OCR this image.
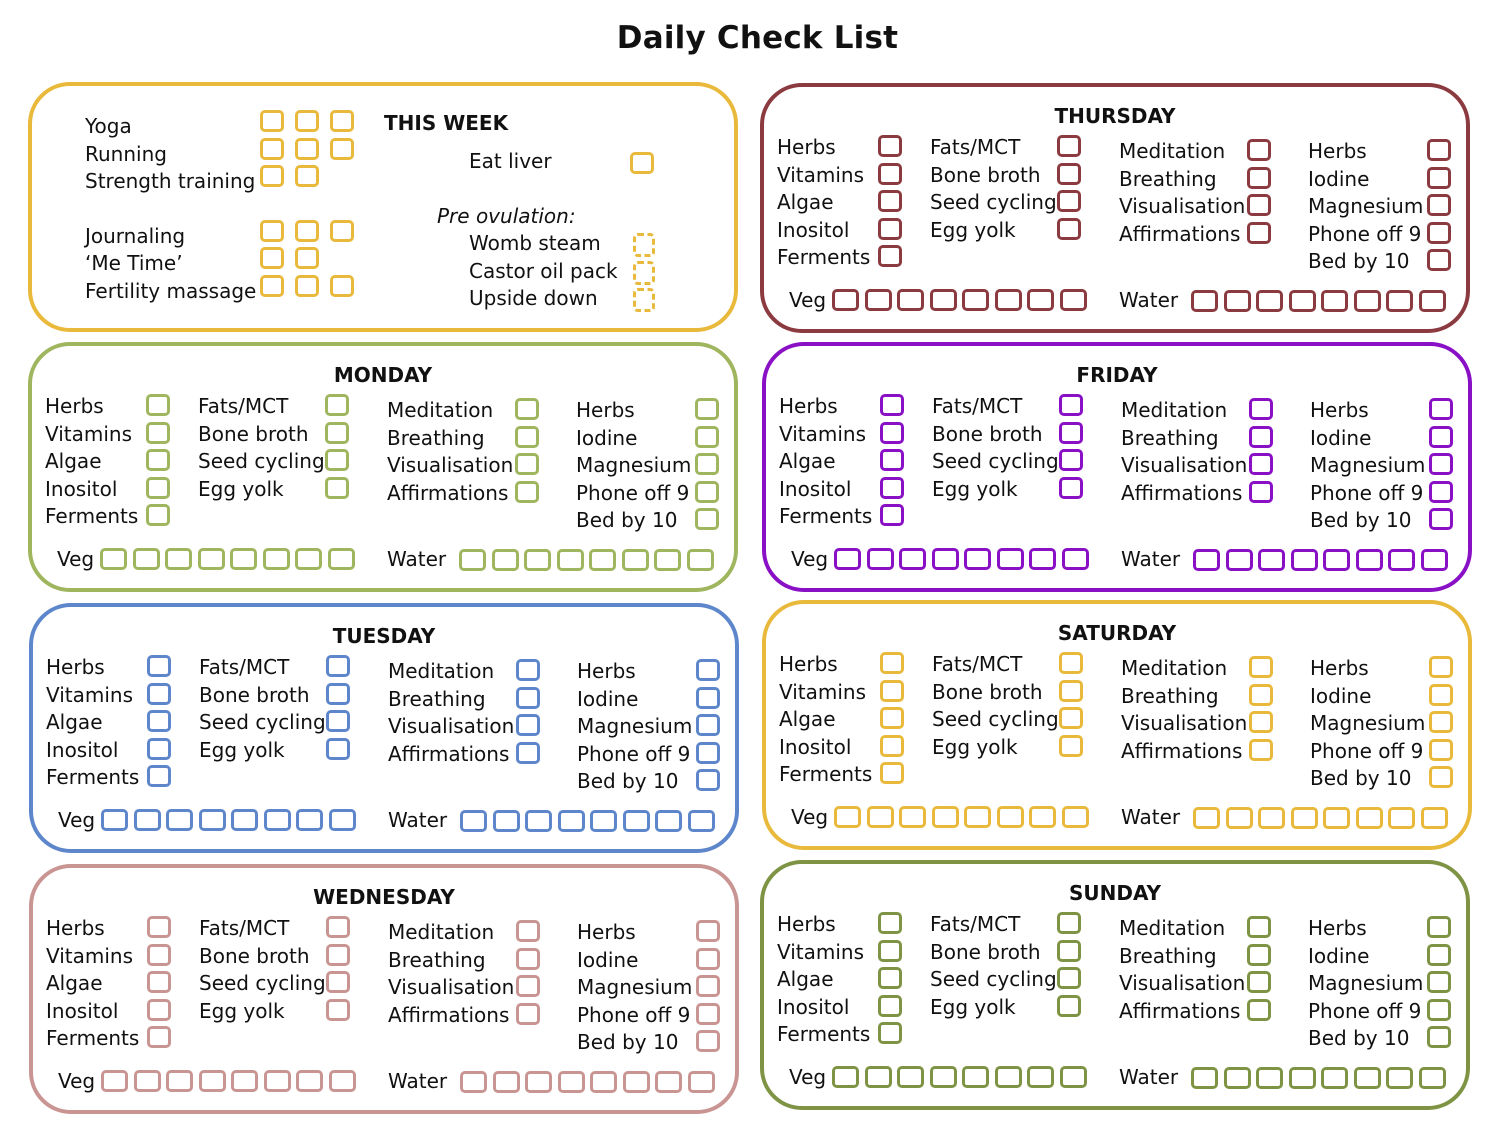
Daily Check List
THIS WEEK
Yoga
Running
Strength training
Journaling
‘Me Time’
Fertility massage
Eat liver
Pre ovulation:
Womb steam
Castor oil pack
Upside down
THURSDAY
Herbs
Vitamins
Algae
Inositol
Ferments
Fats/MCT
Bone broth
Seed cycling
Egg yolk
Meditation
Breathing
Visualisation
Affirmations
Herbs
Iodine
Magnesium
Phone off 9
Bed by 10
Veg	Water
MONDAY
Herbs
Vitamins
Algae
Inositol
Ferments
Fats/MCT
Bone broth
Seed cycling
Egg yolk
Meditation
Breathing
Visualisation
Affirmations
Herbs
Iodine
Magnesium
Phone off 9
Bed by 10
Veg	Water
FRIDAY
Herbs
Vitamins
Algae
Inositol
Ferments
Fats/MCT
Bone broth
Seed cycling
Egg yolk
Meditation
Breathing
Visualisation
Affirmations
Herbs
Iodine
Magnesium
Phone off 9
Bed by 10
Veg	Water
TUESDAY
Herbs
Vitamins
Algae
Inositol
Ferments
Fats/MCT
Bone broth
Seed cycling
Egg yolk
Meditation
Breathing
Visualisation
Affirmations
Herbs
Iodine
Magnesium
Phone off 9
Bed by 10
Veg	Water
SATURDAY
Herbs
Vitamins
Algae
Inositol
Ferments
Fats/MCT
Bone broth
Seed cycling
Egg yolk
Meditation
Breathing
Visualisation
Affirmations
Herbs
Iodine
Magnesium
Phone off 9
Bed by 10
Veg	Water
WEDNESDAY
Herbs
Vitamins
Algae
Inositol
Ferments
Fats/MCT
Bone broth
Seed cycling
Egg yolk
Meditation
Breathing
Visualisation
Affirmations
Herbs
Iodine
Magnesium
Phone off 9
Bed by 10
Veg	Water
SUNDAY
Herbs
Vitamins
Algae
Inositol
Ferments
Fats/MCT
Bone broth
Seed cycling
Egg yolk
Meditation
Breathing
Visualisation
Affirmations
Herbs
Iodine
Magnesium
Phone off 9
Bed by 10
Veg	Water
